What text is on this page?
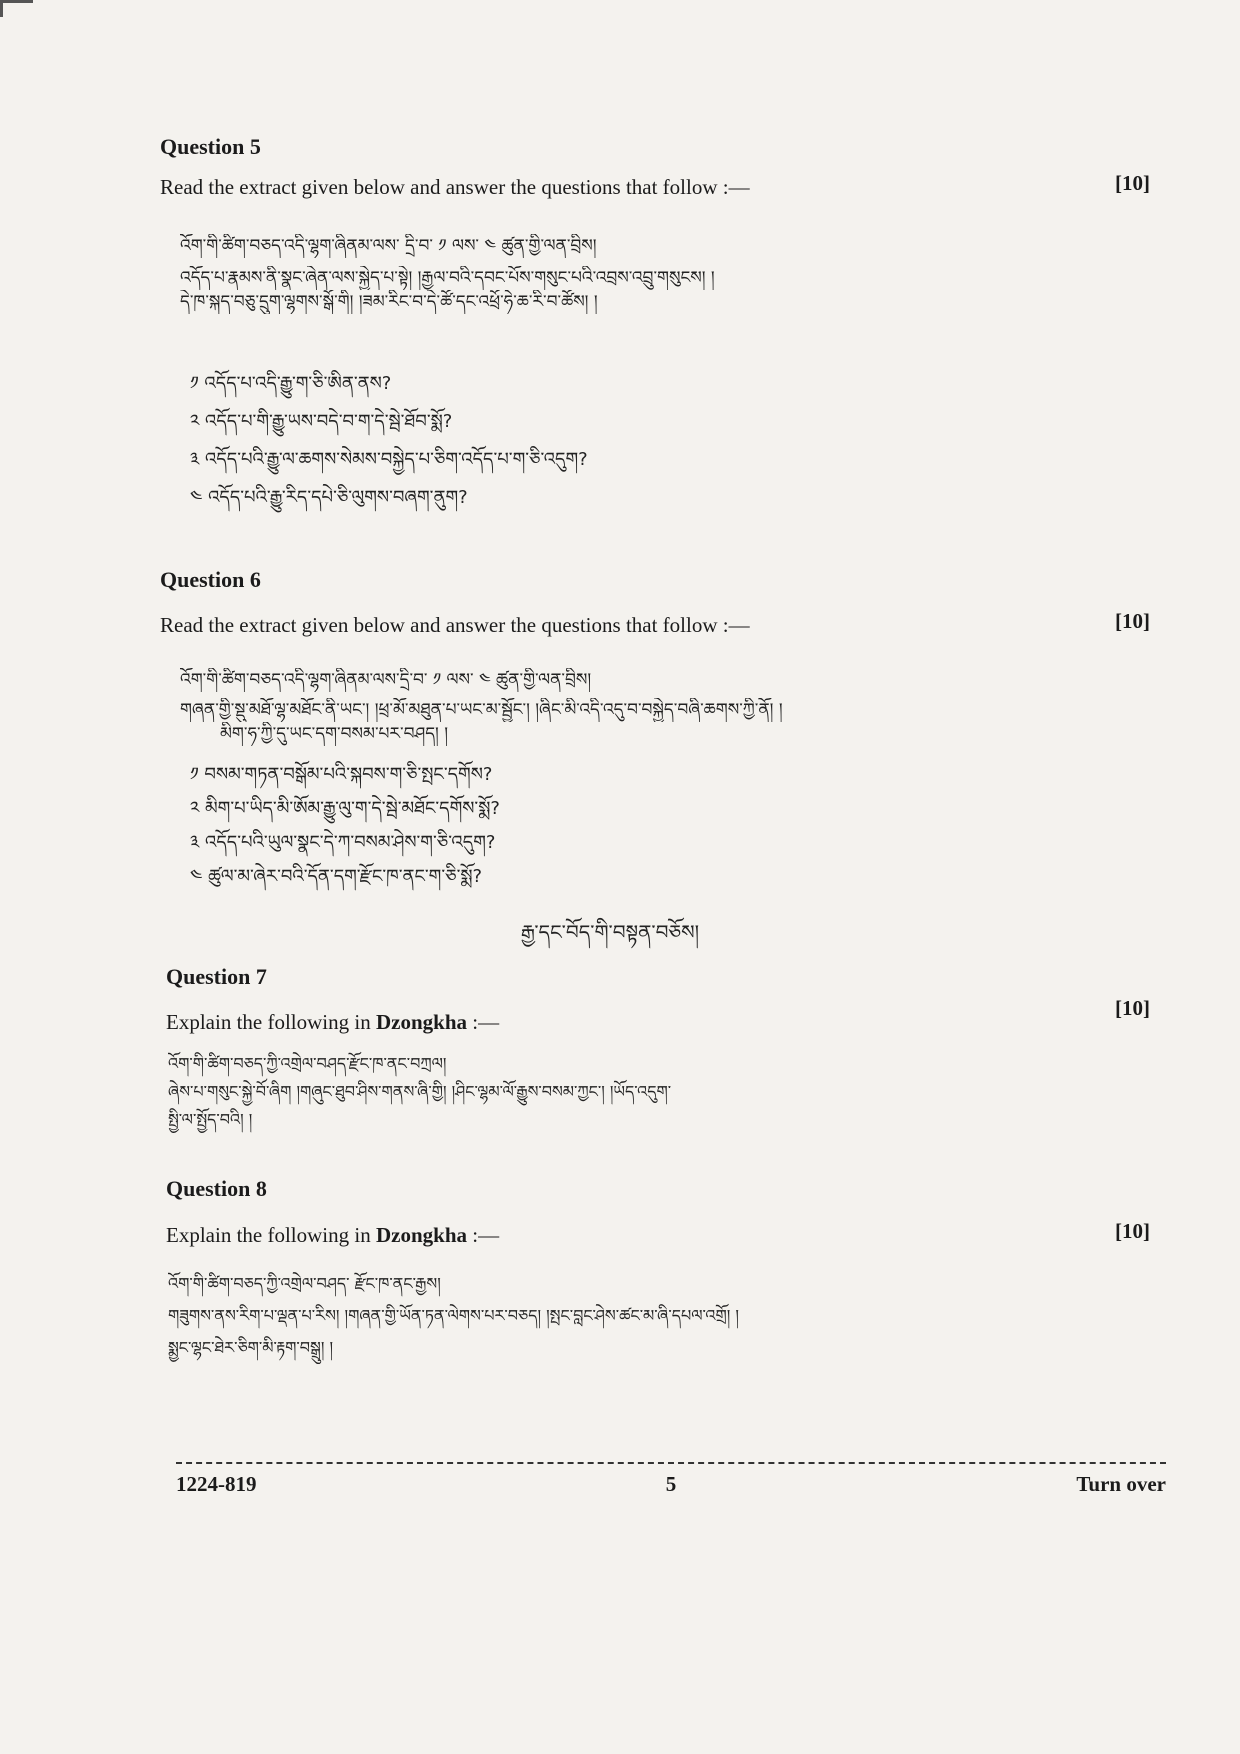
Question 5
Read the extract given below and answer the questions that follow :—	[10]
འོག་གི་ཚིག་བཅད་འདི་ལྷག་ཞིནམ་ལས་ དྲི་བ་ ༡ ལས་ ༤ ཚུན་གྱི་ལན་བྲིས།
འདོད་པ་རྣམས་ནི་སྣང་ཞེན་ལས་སྐྱེད་པ་སྟེ། །རྒྱལ་བའི་དབང་པོས་གསུང་པའི་འབྲས་འབྲུ་གསུངས། །
དེ་ཁ་སྐད་བཅུ་དྲུག་ལྷགས་སྒོ་གི། །ཟམ་རིང་བ་དེ་ཚོ་དང་འཕྲོ་ཧེ་ཆ་རི་བ་ཚོས། །
༡ འདོད་པ་འདི་རྒྱུ་ག་ཅི་ཨིན་ནས?
༢ འདོད་པ་གི་རྒྱུ་ཡས་བདེ་བ་ག་དེ་སྦེ་ཐོབ་སྨོ?
༣ འདོད་པའི་རྒྱུ་ལ་ཆགས་སེམས་བསྐྱེད་པ་ཅིག་འདོད་པ་ག་ཅི་འདུག?
༤ འདོད་པའི་རྒྱུ་རིད་དཔེ་ཅི་ལུགས་བཞག་ནུག?
Question 6
Read the extract given below and answer the questions that follow :—	[10]
འོག་གི་ཚིག་བཅད་འདི་ལྷག་ཞིནམ་ལས་དྲི་བ་ ༡ ལས་ ༤ ཚུན་གྱི་ལན་བྲིས།
གཞན་གྱི་སྡུ་མཐོ་ལྷ་མཐོང་ནི་ཡང་། །ཕྲ་མོ་མཐུན་པ་ཡང་མ་སྦྱོང་། །ཞིང་མི་འདི་འདུ་བ་བསྐྱེད་བཞི་ཆགས་ཀྱི་ནོ། །
མིག་ཧ་ཀྱི་དུ་ཡང་དག་བསམ་པར་བཤད། །
༡ བསམ་གཏན་བསྒོམ་པའི་སྐབས་ག་ཅི་སྤང་དགོས?
༢ མིག་པ་ཡིད་མི་ཨོམ་རྒྱུ་ལུ་ག་དེ་སྦེ་མཐོང་དགོས་སྨོ?
༣ འདོད་པའི་ཡུལ་སྣང་དེ་ཀ་བསམ་ཤེས་ག་ཅི་འདུག?
༤ ཚུལ་མ་ཞེར་བའི་དོན་དག་རྫོང་ཁ་ནང་ག་ཅི་སྨོ?
རྒྱ་དང་བོད་གི་བསྟན་བཅོས།
Question 7
Explain the following in Dzongkha :—
[10]
འོག་གི་ཚིག་བཅད་ཀྱི་འགྲེལ་བཤད་རྫོང་ཁ་ནང་བཀྲལ།
ཞེས་པ་གསུང་སྐྱེ་བོ་ཞིག །གཞུང་ཐུབ་ཤིས་གནས་ཞི་གྱི། །ཤིང་ལྷམ་ལོ་རྒྱུས་བསམ་ཀྱང་། །ཡོད་འདུག་
སྤྱི་ལ་སྤྱོད་བའི། །
Question 8
Explain the following in Dzongkha :—	[10]
འོག་གི་ཚིག་བཅད་ཀྱི་འགྲེལ་བཤད་ རྫོང་ཁ་ནང་རྒྱས།
གཟུགས་ནས་རིག་པ་ལྡན་པ་རིས། །གཞན་གྱི་ཡོན་ཏན་ལེགས་པར་བཅད། །སྤང་བླང་ཤེས་ཚང་མ་ཞི་དཔལ་འགྲོ། །
སྨྱང་ལྷང་ཐེར་ཅིག་མི་རྟག་བསྒྲུ། །
1224-819	5	Turn over
